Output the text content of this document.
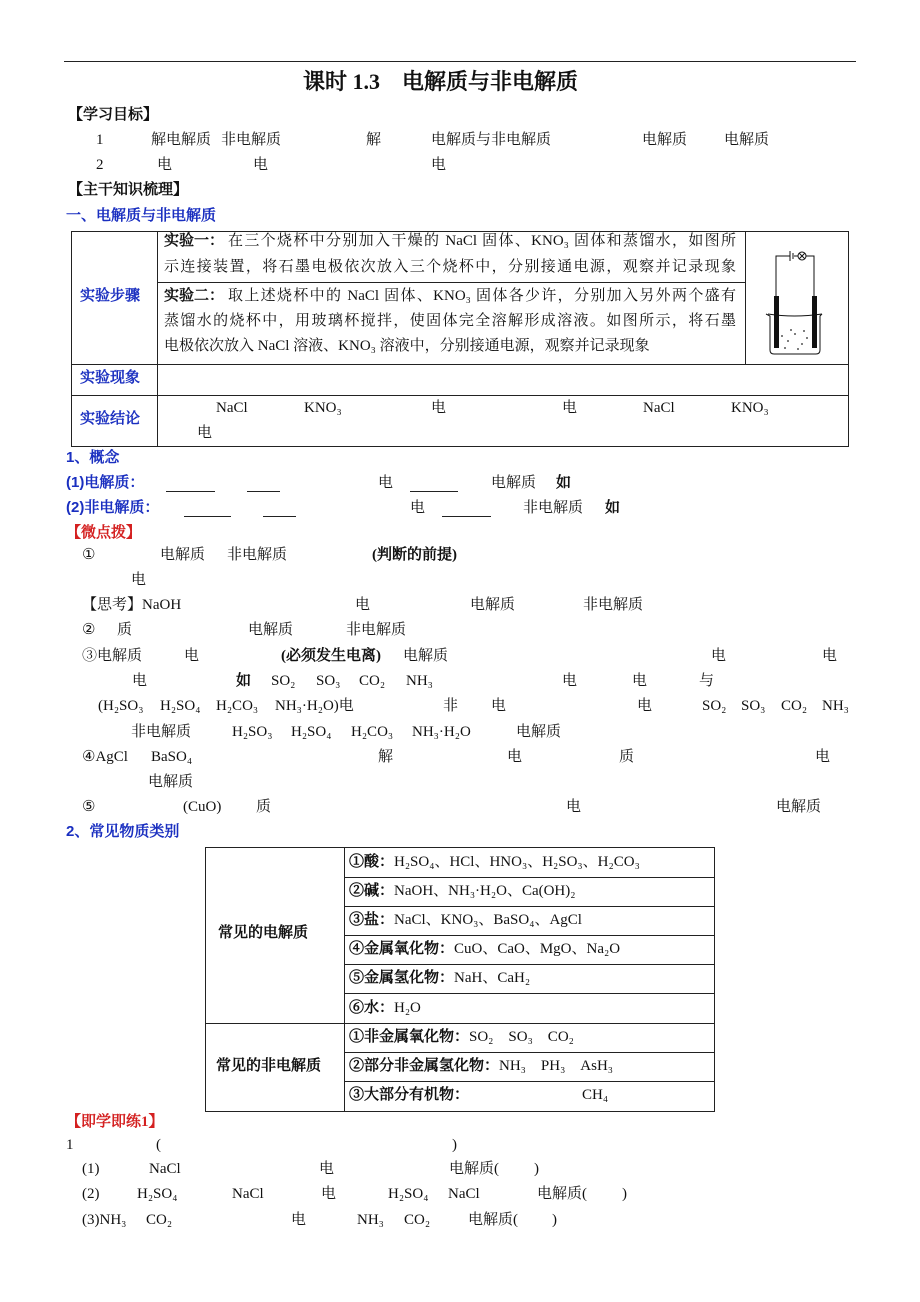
课时 1.3　电解质与非电解质
【学习目标】
1	解电解质 非电解质	解	电解质与非电解质	电解质 电解质
2	电	电	电
【主干知识梳理】
一、电解质与非电解质
实验步骤
实验一： 在三个烧杯中分别加入干燥的 NaCl 固体、KNO₃ 固体和蒸馏水，如图所
示连接装置，将石墨电极依次放入三个烧杯中，分别接通电源，观察并记录现象
实验二： 取上述烧杯中的 NaCl 固体、KNO₃ 固体各少许，分别加入另外两个盛有
蒸馏水的烧杯中，用玻璃杯搅拌，使固体完全溶解形成溶液。如图所示，将石墨
电极依次放入 NaCl 溶液、KNO₃ 溶液中，分别接通电源，观察并记录现象
实验现象
实验结论
NaCl	KNO₃	电	电	NaCl	KNO₃
电
1、概念
(1)电解质：	电	电解质 如
(2)非电解质：	电	非电解质 如
【微点拨】
①	电解质 非电解质	(判断的前提)
电
【思考】NaOH	电	电解质	非电解质
② 质	电解质	非电解质
③电解质	电	(必须发生电离) 电解质	电	电
电	如 SO₂ SO₃ CO₂ NH₃	电	电	与
(H₂SO₃ H₂SO₄ H₂CO₃ NH₃·H₂O)电	非 电	电	SO₂ SO₃ CO₂ NH₃
非电解质	H₂SO₃ H₂SO₄ H₂CO₃ NH₃·H₂O	电解质
④AgCl BaSO₄	解	电	质	电
电解质
⑤	(CuO) 质	电	电解质
2、常见物质类别
常见的电解质
①酸： H₂SO₄、HCl、HNO₃、H₂SO₃、H₂CO₃
②碱： NaOH、NH₃·H₂O、Ca(OH)₂
③盐： NaCl、KNO₃、BaSO₄、AgCl
④金属氧化物： CuO、CaO、MgO、Na₂O
⑤金属氢化物： NaH、CaH₂
⑥水： H₂O
常见的非电解质
①非金属氧化物： SO₂　SO₃　CO₂
②部分非金属氢化物： NH₃　PH₃　AsH₃
③大部分有机物：	CH₄
【即学即练1】
1	(	)
(1)	NaCl	电	电解质( )
(2)	H₂SO₄	NaCl	电	H₂SO₄ NaCl	电解质( )
(3)NH₃ CO₂	电	NH₃ CO₂	电解质( )
